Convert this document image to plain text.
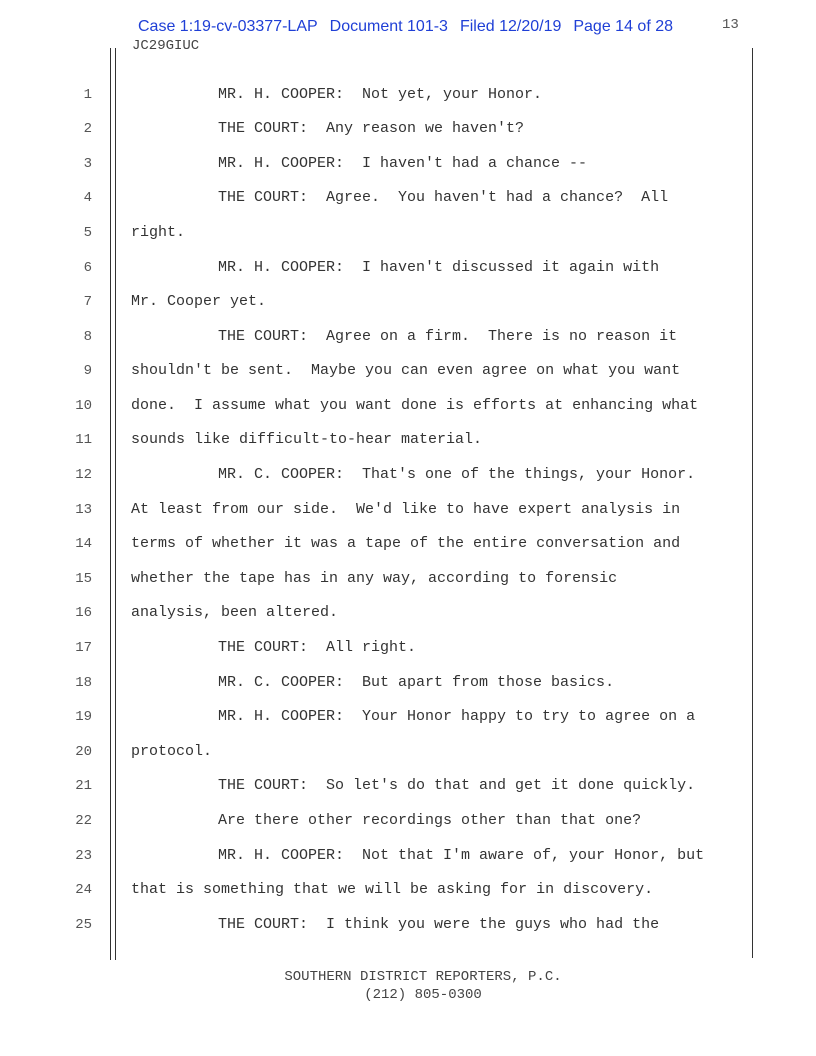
Case 1:19-cv-03377-LAP Document 101-3 Filed 12/20/19 Page 14 of 28	13
JC29GIUC
1	MR. H. COOPER:  Not yet, your Honor.
2	THE COURT:  Any reason we haven't?
3	MR. H. COOPER:  I haven't had a chance --
4	THE COURT:  Agree.  You haven't had a chance?  All
5	right.
6	MR. H. COOPER:  I haven't discussed it again with
7	Mr. Cooper yet.
8	THE COURT:  Agree on a firm.  There is no reason it
9	shouldn't be sent.  Maybe you can even agree on what you want
10	done.  I assume what you want done is efforts at enhancing what
11	sounds like difficult-to-hear material.
12	MR. C. COOPER:  That's one of the things, your Honor.
13	At least from our side.  We'd like to have expert analysis in
14	terms of whether it was a tape of the entire conversation and
15	whether the tape has in any way, according to forensic
16	analysis, been altered.
17	THE COURT:  All right.
18	MR. C. COOPER:  But apart from those basics.
19	MR. H. COOPER:  Your Honor happy to try to agree on a
20	protocol.
21	THE COURT:  So let's do that and get it done quickly.
22	Are there other recordings other than that one?
23	MR. H. COOPER:  Not that I'm aware of, your Honor, but
24	that is something that we will be asking for in discovery.
25	THE COURT:  I think you were the guys who had the
SOUTHERN DISTRICT REPORTERS, P.C.
(212) 805-0300
